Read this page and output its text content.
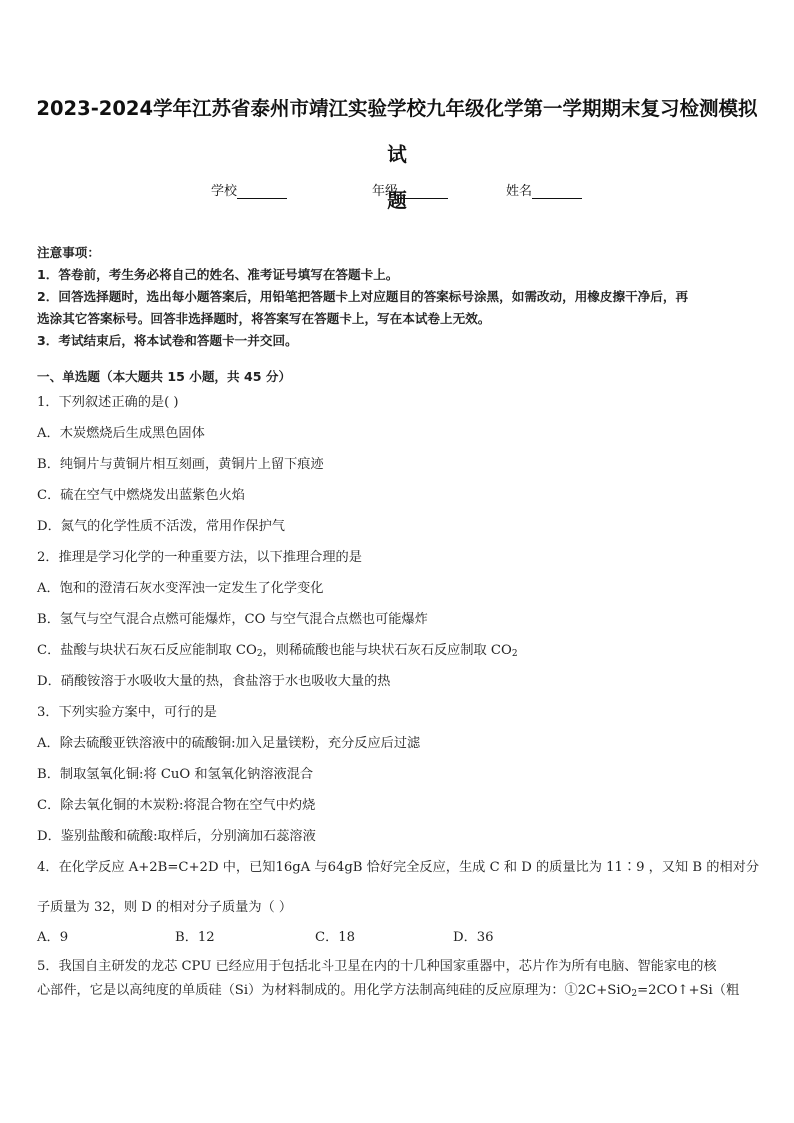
2023-2024学年江苏省泰州市靖江实验学校九年级化学第一学期期末复习检测模拟试
题
学校	年级	姓名
注意事项：
1．答卷前，考生务必将自己的姓名、准考证号填写在答题卡上。
2．回答选择题时，选出每小题答案后，用铅笔把答题卡上对应题目的答案标号涂黑，如需改动，用橡皮擦干净后，再
选涂其它答案标号。回答非选择题时，将答案写在答题卡上，写在本试卷上无效。
3．考试结束后，将本试卷和答题卡一并交回。
一、单选题（本大题共 15 小题，共 45 分）
1．下列叙述正确的是( )
A．木炭燃烧后生成黑色固体
B．纯铜片与黄铜片相互刻画，黄铜片上留下痕迹
C．硫在空气中燃烧发出蓝紫色火焰
D．氮气的化学性质不活泼，常用作保护气
2．推理是学习化学的一种重要方法，以下推理合理的是
A．饱和的澄清石灰水变浑浊一定发生了化学变化
B．氢气与空气混合点燃可能爆炸，CO 与空气混合点燃也可能爆炸
C．盐酸与块状石灰石反应能制取 $CO_2$，则稀硫酸也能与块状石灰石反应制取 $CO_2$
D．硝酸铵溶于水吸收大量的热，食盐溶于水也吸收大量的热
3．下列实验方案中，可行的是
A．除去硫酸亚铁溶液中的硫酸铜:加入足量镁粉，充分反应后过滤
B．制取氢氧化铜:将 CuO 和氢氧化钠溶液混合
C．除去氧化铜的木炭粉:将混合物在空气中灼烧
D．鉴别盐酸和硫酸:取样后，分别滴加石蕊溶液
4．在化学反应 A+2B=C+2D 中，已知16gA 与64gB 恰好完全反应，生成 C 和 D 的质量比为 11∶9 ，又知 B 的相对分
子质量为 32，则 D 的相对分子质量为（ ）
A．9	B．12	C．18	D．36
5．我国自主研发的龙芯 CPU 已经应用于包括北斗卫星在内的十几种国家重器中，芯片作为所有电脑、智能家电的核
心部件，它是以高纯度的单质硅（Si）为材料制成的。用化学方法制高纯硅的反应原理为：①2C+SiO$_2$=2CO↑+Si（粗
